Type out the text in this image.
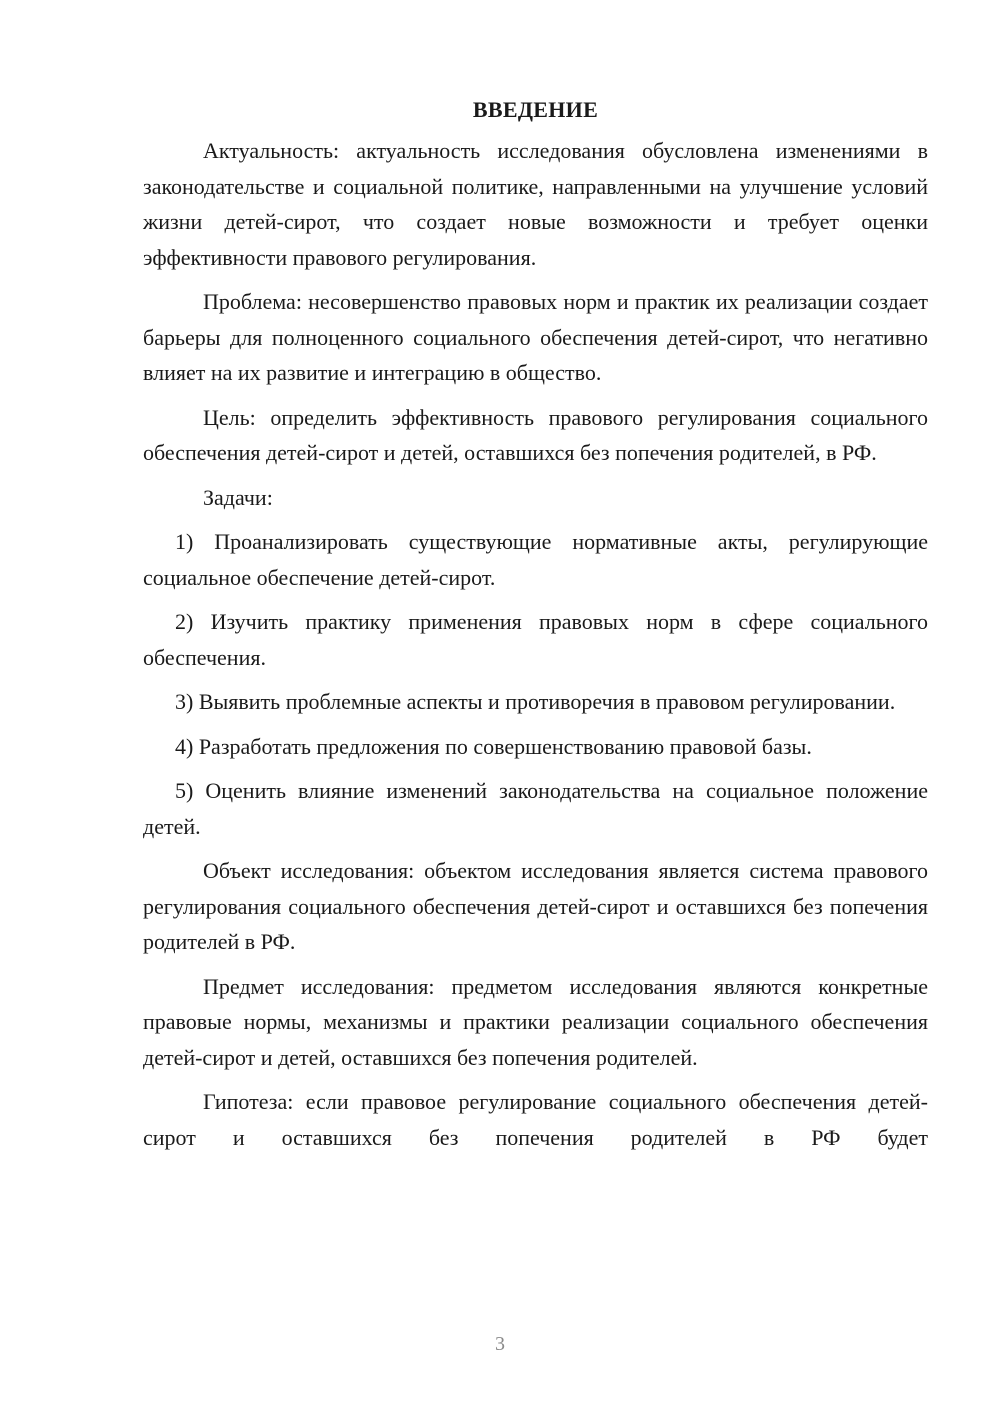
ВВЕДЕНИЕ

Актуальность: актуальность исследования обусловлена изменениями в законодательстве и социальной политике, направленными на улучшение условий жизни детей-сирот, что создает новые возможности и требует оценки эффективности правового регулирования.

Проблема: несовершенство правовых норм и практик их реализации создает барьеры для полноценного социального обеспечения детей-сирот, что негативно влияет на их развитие и интеграцию в общество.

Цель: определить эффективность правового регулирования социального обеспечения детей-сирот и детей, оставшихся без попечения родителей, в РФ.

Задачи:

1) Проанализировать существующие нормативные акты, регулирующие социальное обеспечение детей-сирот.

2) Изучить практику применения правовых норм в сфере социального обеспечения.

3) Выявить проблемные аспекты и противоречия в правовом регулировании.

4) Разработать предложения по совершенствованию правовой базы.

5) Оценить влияние изменений законодательства на социальное положение детей.

Объект исследования: объектом исследования является система правового регулирования социального обеспечения детей-сирот и оставшихся без попечения родителей в РФ.

Предмет исследования: предметом исследования являются конкретные правовые нормы, механизмы и практики реализации социального обеспечения детей-сирот и детей, оставшихся без попечения родителей.

Гипотеза: если правовое регулирование социального обеспечения детей-сирот и оставшихся без попечения родителей в РФ будет

3
